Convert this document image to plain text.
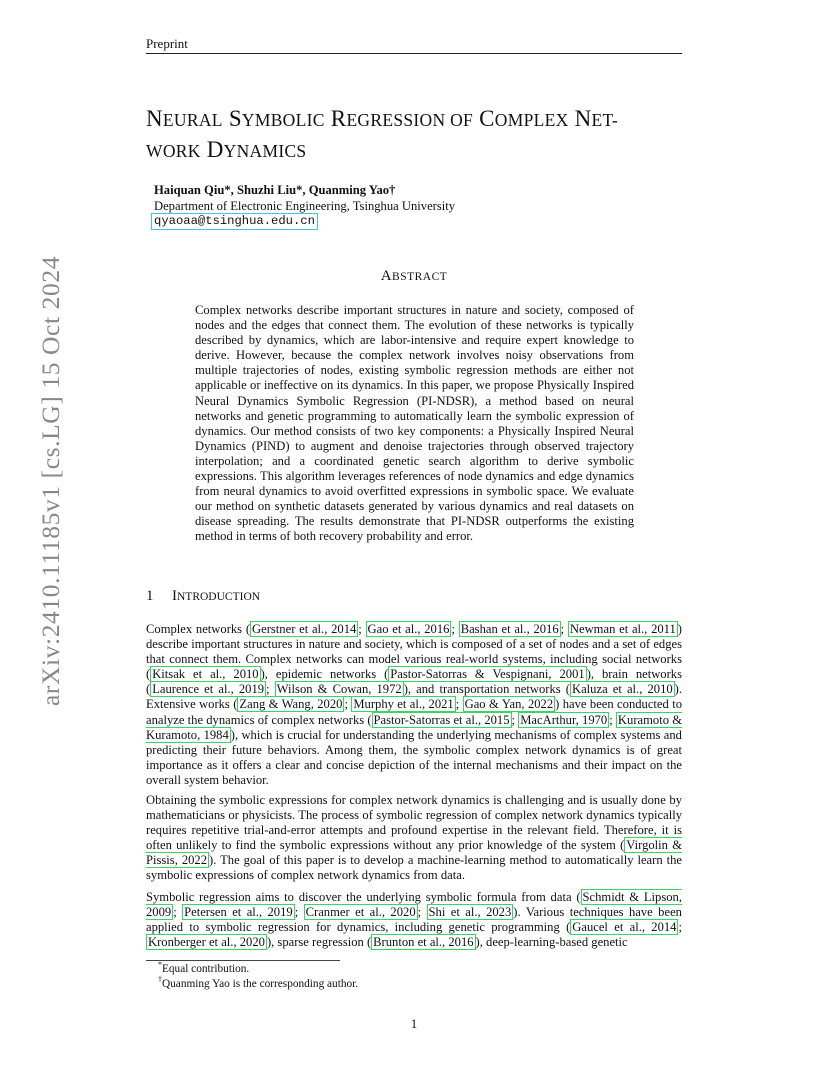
Preprint
NEURAL SYMBOLIC REGRESSION OF COMPLEX NET-
WORK DYNAMICS
Haiquan Qiu*, Shuzhi Liu*, Quanming Yao†
Department of Electronic Engineering, Tsinghua University
qyaoaa@tsinghua.edu.cn
ABSTRACT
Complex networks describe important structures in nature and society, composed of nodes and the edges that connect them. The evolution of these networks is typically described by dynamics, which are labor-intensive and require expert knowledge to derive. However, because the complex network involves noisy observations from multiple trajectories of nodes, existing symbolic regression methods are either not applicable or ineffective on its dynamics. In this paper, we propose Physically Inspired Neural Dynamics Symbolic Regression (PI-NDSR), a method based on neural networks and genetic programming to automatically learn the symbolic expression of dynamics. Our method consists of two key components: a Physically Inspired Neural Dynamics (PIND) to augment and denoise trajectories through observed trajectory interpolation; and a coordinated genetic search algorithm to derive symbolic expressions. This algorithm leverages references of node dynamics and edge dynamics from neural dynamics to avoid overfitted expressions in symbolic space. We evaluate our method on synthetic datasets generated by various dynamics and real datasets on disease spreading. The results demonstrate that PI-NDSR outperforms the existing method in terms of both recovery probability and error.
1 INTRODUCTION
Complex networks ( Gerstner et al., 2014 ; Gao et al., 2016 ; Bashan et al., 2016 ; Newman et al., 2011 ) describe important structures in nature and society, which is composed of a set of nodes and a set of edges that connect them. Complex networks can model various real-world systems, including social networks ( Kitsak et al., 2010 ), epidemic networks ( Pastor-Satorras & Vespignani, 2001 ), brain networks ( Laurence et al., 2019 ; Wilson & Cowan, 1972 ), and transportation networks ( Kaluza et al., 2010 ). Extensive works ( Zang & Wang, 2020 ; Murphy et al., 2021 ; Gao & Yan, 2022 ) have been conducted to analyze the dynamics of complex networks ( Pastor-Satorras et al., 2015 ; MacArthur, 1970 ; Kuramoto & Kuramoto, 1984 ), which is crucial for understanding the underlying mechanisms of complex systems and predicting their future behaviors. Among them, the symbolic complex network dynamics is of great importance as it offers a clear and concise depiction of the internal mechanisms and their impact on the overall system behavior.
Obtaining the symbolic expressions for complex network dynamics is challenging and is usually done by mathematicians or physicists. The process of symbolic regression of complex network dynamics typically requires repetitive trial-and-error attempts and profound expertise in the relevant field. Therefore, it is often unlikely to find the symbolic expressions without any prior knowledge of the system ( Virgolin & Pissis, 2022 ). The goal of this paper is to develop a machine-learning method to automatically learn the symbolic expressions of complex network dynamics from data.
Symbolic regression aims to discover the underlying symbolic formula from data ( Schmidt & Lipson, 2009 ; Petersen et al., 2019 ; Cranmer et al., 2020 ; Shi et al., 2023 ). Various techniques have been applied to symbolic regression for dynamics, including genetic programming ( Gaucel et al., 2014 ; Kronberger et al., 2020 ), sparse regression ( Brunton et al., 2016 ), deep-learning-based genetic
*Equal contribution.
†Quanming Yao is the corresponding author.
1
arXiv:2410.11185v1 [cs.LG] 15 Oct 2024
